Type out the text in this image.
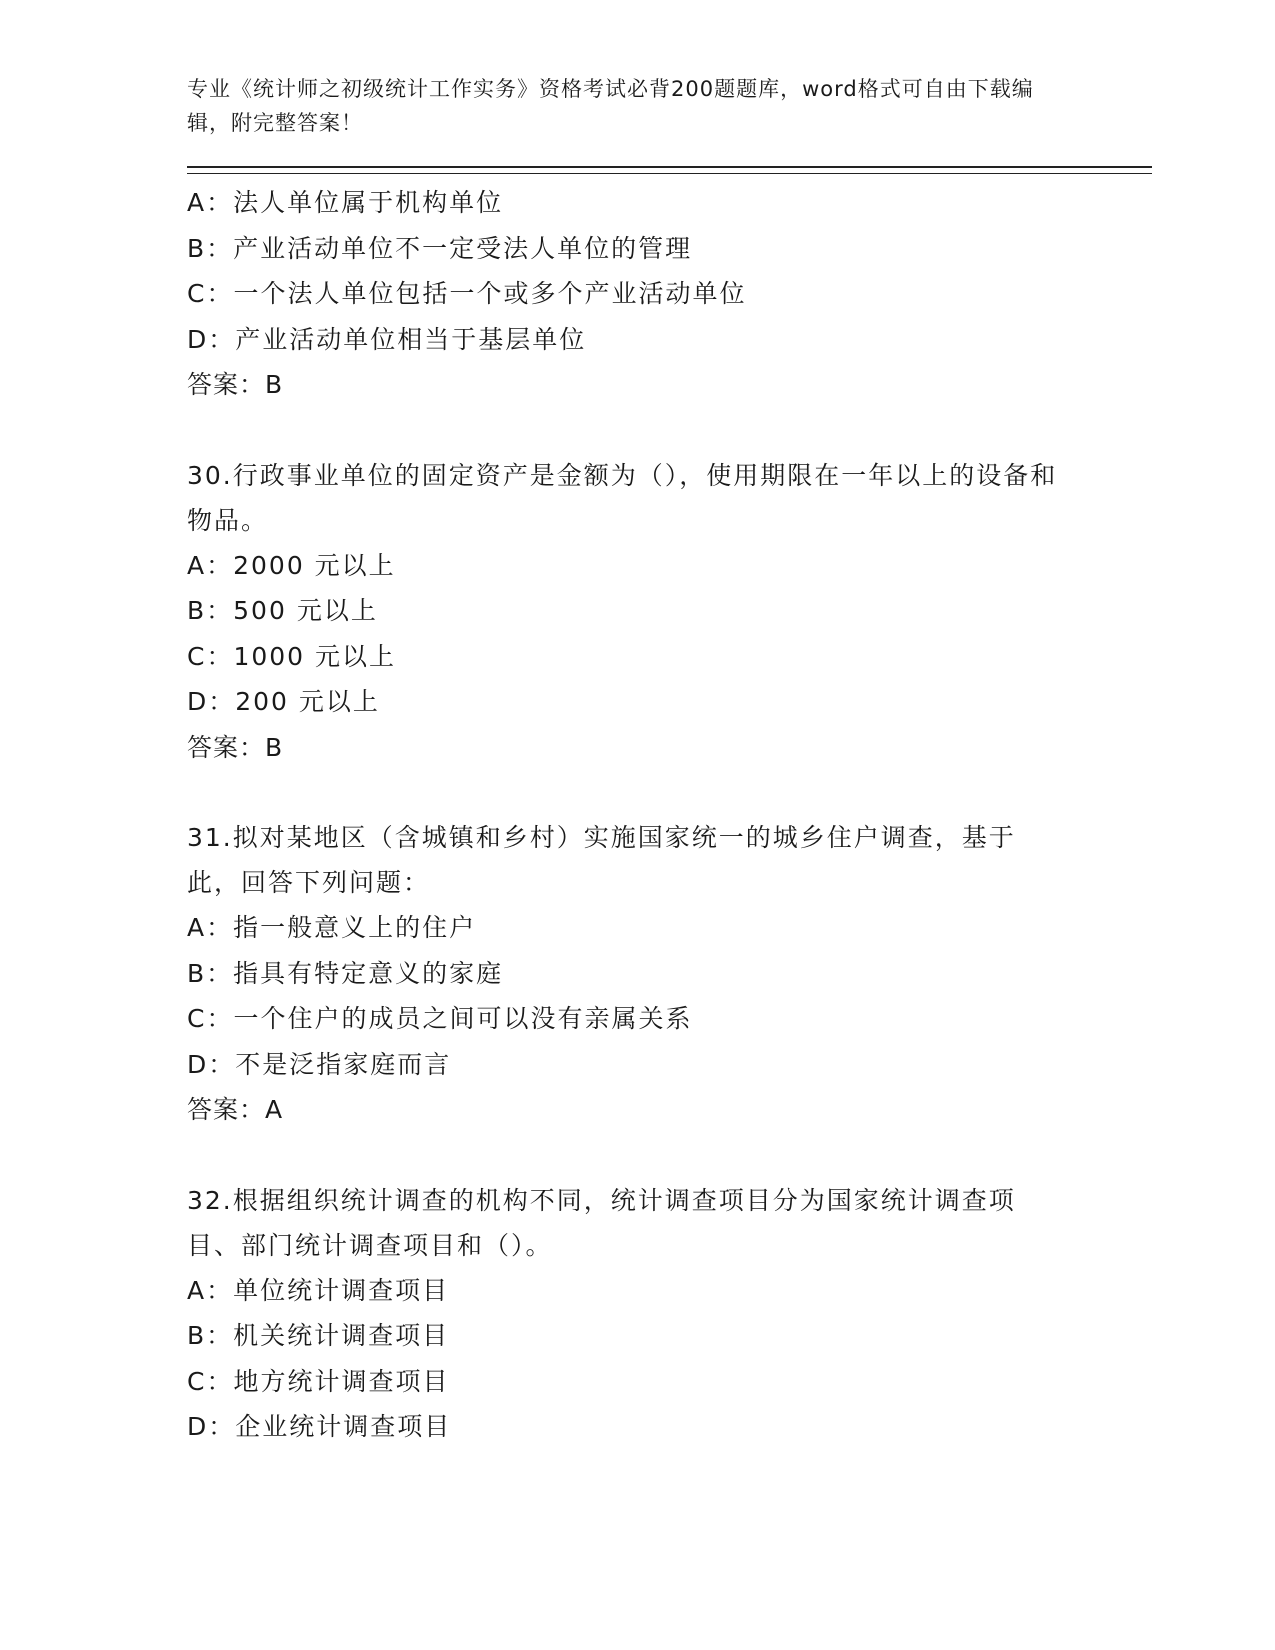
专业《统计师之初级统计工作实务》资格考试必背200题题库，word格式可自由下载编辑，附完整答案！

A：法人单位属于机构单位

B：产业活动单位不一定受法人单位的管理

C：一个法人单位包括一个或多个产业活动单位

D：产业活动单位相当于基层单位

答案：B

30.行政事业单位的固定资产是金额为（），使用期限在一年以上的设备和物品。

A：2000 元以上

B：500 元以上

C：1000 元以上

D：200 元以上

答案：B

31.拟对某地区（含城镇和乡村）实施国家统一的城乡住户调查，基于此，回答下列问题：

A：指一般意义上的住户

B：指具有特定意义的家庭

C：一个住户的成员之间可以没有亲属关系

D：不是泛指家庭而言

答案：A

32.根据组织统计调查的机构不同，统计调查项目分为国家统计调查项目、部门统计调查项目和（）。

A：单位统计调查项目

B：机关统计调查项目

C：地方统计调查项目

D：企业统计调查项目
